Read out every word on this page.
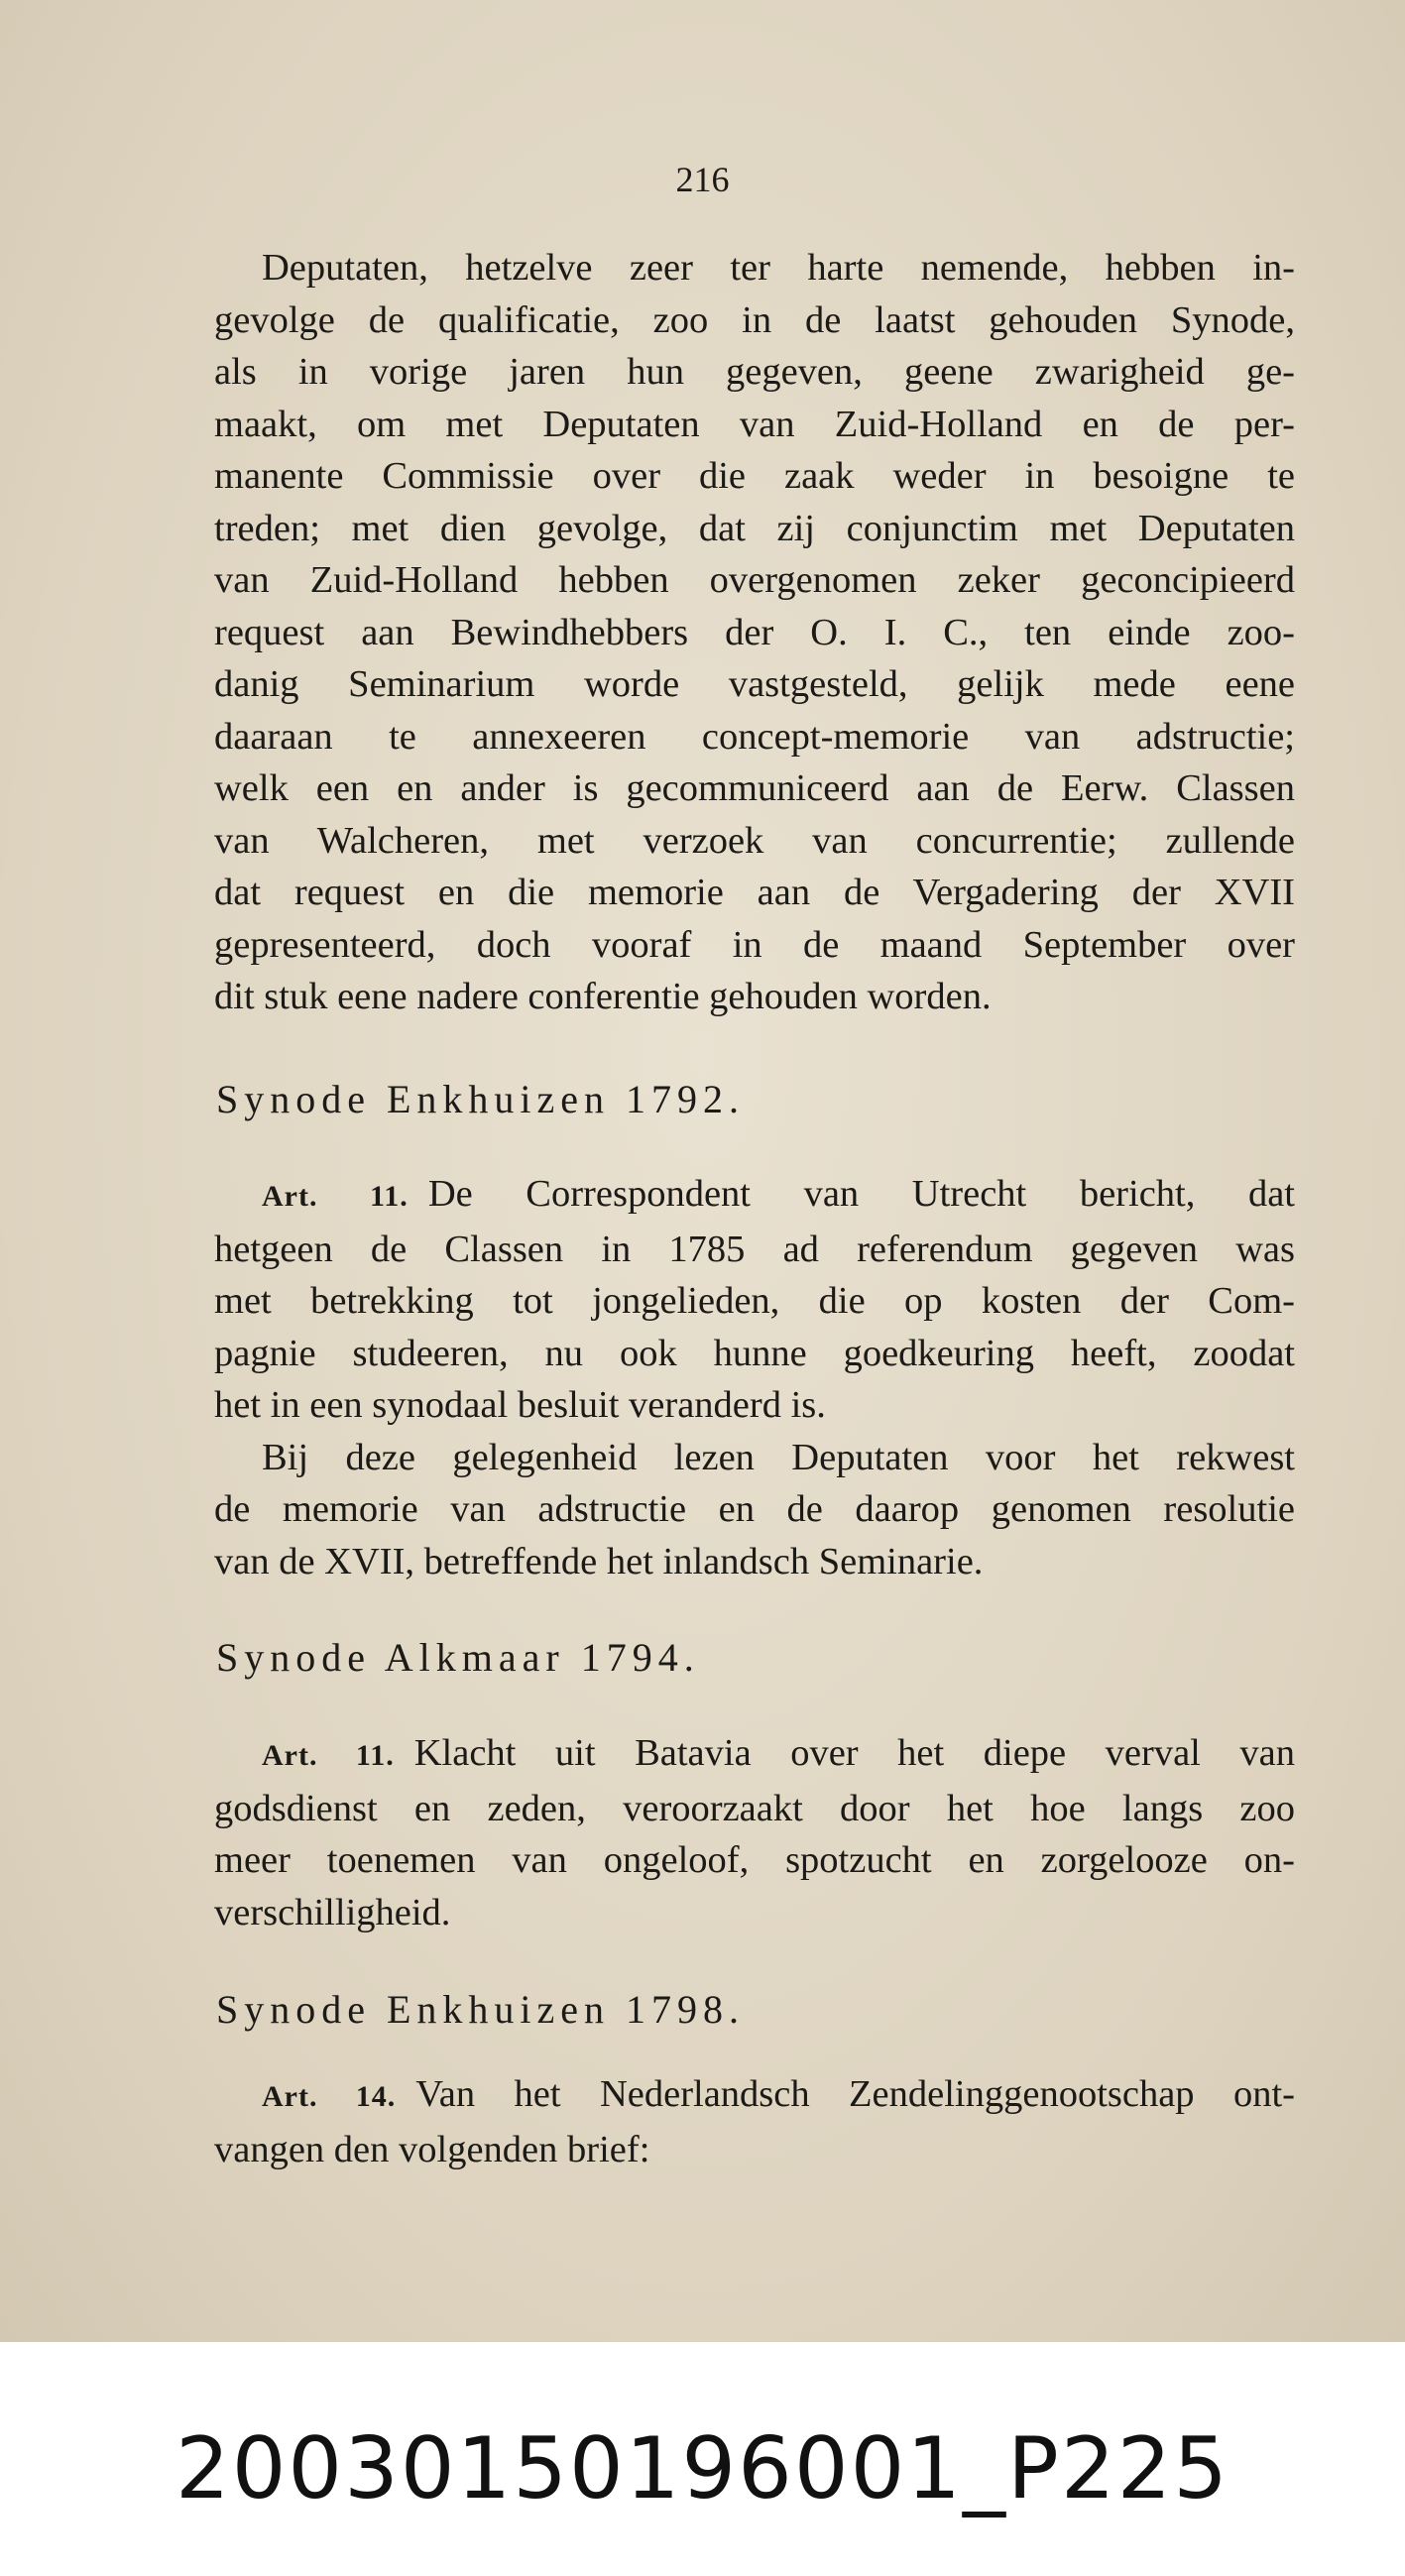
216
Deputaten, hetzelve zeer ter harte nemende, hebben in-
gevolge de qualificatie, zoo in de laatst gehouden Synode,
als in vorige jaren hun gegeven, geene zwarigheid ge-
maakt, om met Deputaten van Zuid-Holland en de per-
manente Commissie over die zaak weder in besoigne te
treden; met dien gevolge, dat zij conjunctim met Deputaten
van Zuid-Holland hebben overgenomen zeker geconcipieerd
request aan Bewindhebbers der O. I. C., ten einde zoo-
danig Seminarium worde vastgesteld, gelijk mede eene
daaraan te annexeeren concept-memorie van adstructie;
welk een en ander is gecommuniceerd aan de Eerw. Classen
van Walcheren, met verzoek van concurrentie; zullende
dat request en die memorie aan de Vergadering der XVII
gepresenteerd, doch vooraf in de maand September over
dit stuk eene nadere conferentie gehouden worden.
Synode Enkhuizen 1792.
Art. 11. De Correspondent van Utrecht bericht, dat
hetgeen de Classen in 1785 ad referendum gegeven was
met betrekking tot jongelieden, die op kosten der Com-
pagnie studeeren, nu ook hunne goedkeuring heeft, zoodat
het in een synodaal besluit veranderd is.
Bij deze gelegenheid lezen Deputaten voor het rekwest
de memorie van adstructie en de daarop genomen resolutie
van de XVII, betreffende het inlandsch Seminarie.
Synode Alkmaar 1794.
Art. 11. Klacht uit Batavia over het diepe verval van
godsdienst en zeden, veroorzaakt door het hoe langs zoo
meer toenemen van ongeloof, spotzucht en zorgelooze on-
verschilligheid.
Synode Enkhuizen 1798.
Art. 14. Van het Nederlandsch Zendelinggenootschap ont-
vangen den volgenden brief:
20030150196001_P225
